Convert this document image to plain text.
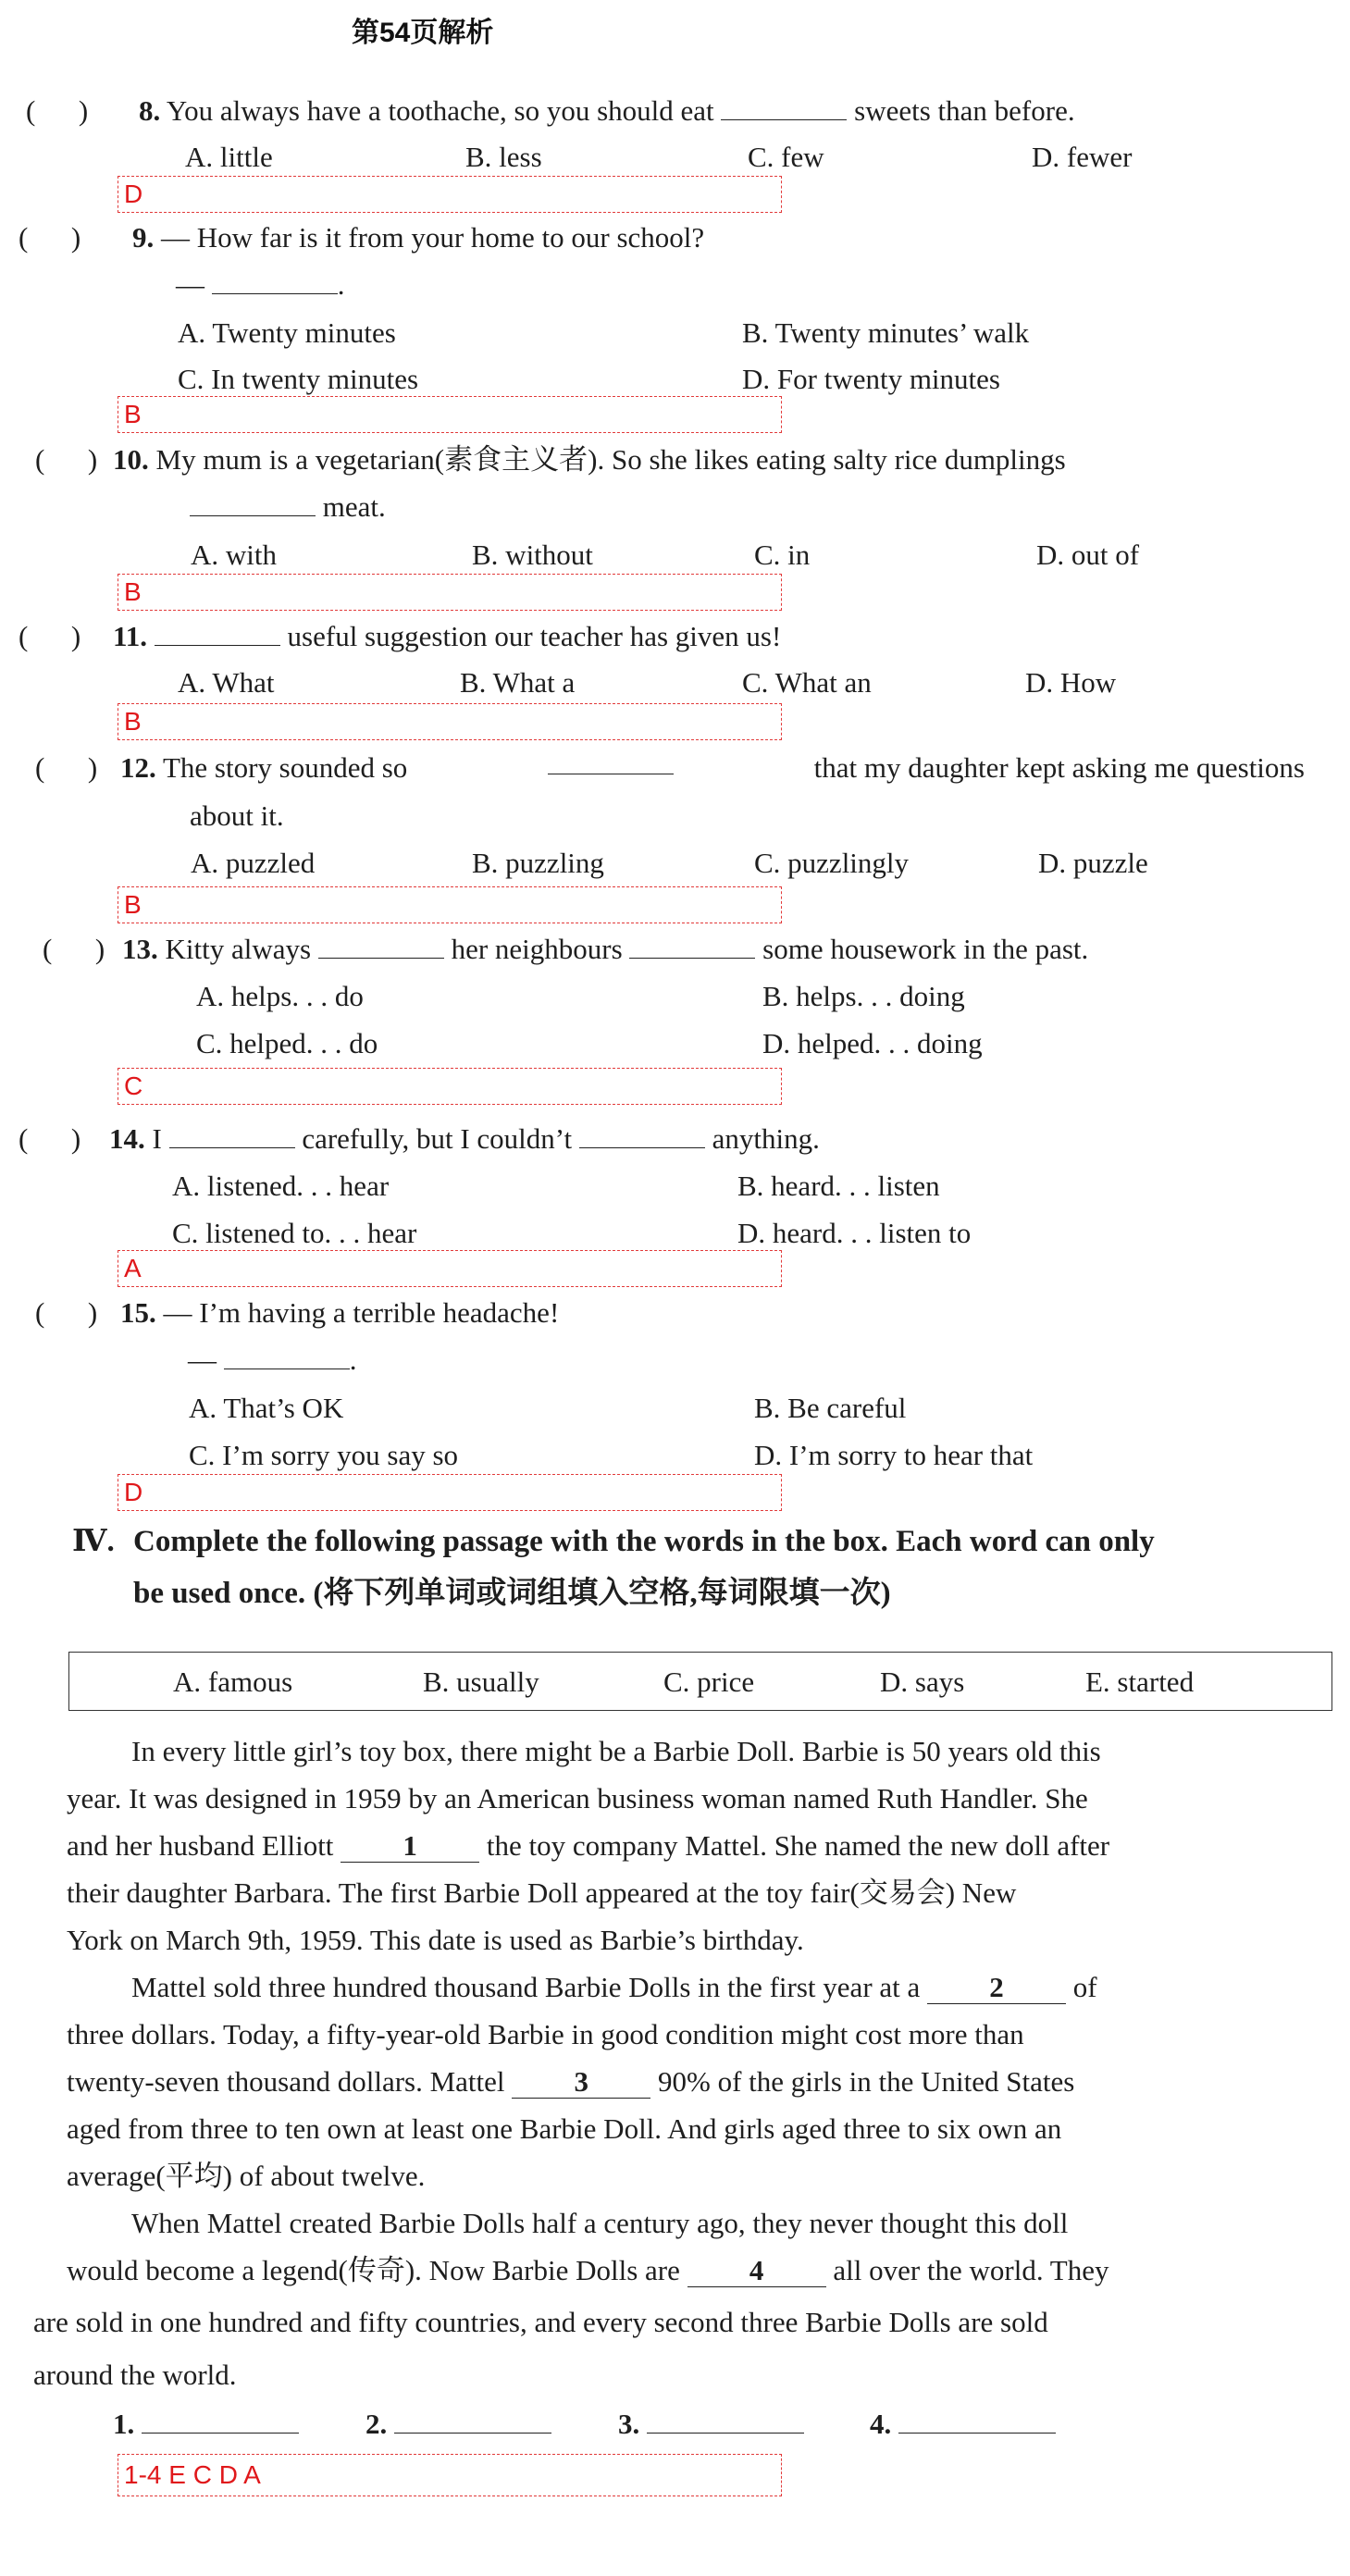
第54页解析
(      ) 8. You always have a toothache, so you should eat	sweets than before.
A. little	B. less	C. few	D. fewer
D
(      ) 9. — How far is it from your home to our school?
—	.
A. Twenty minutes	B. Twenty minutes’ walk
C. In twenty minutes	D. For twenty minutes
B
(      ) 10. My mum is a vegetarian(素食主义者). So she likes eating salty rice dumplings
meat.
A. with	B. without	C. in	D. out of
B
(      ) 11.	useful suggestion our teacher has given us!
A. What	B. What a	C. What an	D. How
B
(      ) 12. The story sounded so	that my daughter kept asking me questions
about it.
A. puzzled	B. puzzling	C. puzzlingly	D. puzzle
B
(      ) 13. Kitty always	her neighbours	some housework in the past.
A. helps. . . do	B. helps. . . doing
C. helped. . . do	D. helped. . . doing
C
(      ) 14. I	carefully, but I couldn’t	anything.
A. listened. . . hear	B. heard. . . listen
C. listened to. . . hear	D. heard. . . listen to
A
(      ) 15. — I’m having a terrible headache!
—	.
A. That’s OK	B. Be careful
C. I’m sorry you say so	D. I’m sorry to hear that
D
Ⅳ. Complete the following passage with the words in the box. Each word can only
be used once. (将下列单词或词组填入空格,每词限填一次)
A. famous	B. usually	C. price	D. says	E. started
In every little girl’s toy box, there might be a Barbie Doll. Barbie is 50 years old this
year. It was designed in 1959 by an American business woman named Ruth Handler. She
and her husband Elliott 1 the toy company Mattel. She named the new doll after
their daughter Barbara. The first Barbie Doll appeared at the toy fair(交易会) New
York on March 9th, 1959. This date is used as Barbie’s birthday.
Mattel sold three hundred thousand Barbie Dolls in the first year at a 2 of
three dollars. Today, a fifty-year-old Barbie in good condition might cost more than
twenty-seven thousand dollars. Mattel 3 90% of the girls in the United States
aged from three to ten own at least one Barbie Doll. And girls aged three to six own an
average(平均) of about twelve.
When Mattel created Barbie Dolls half a century ago, they never thought this doll
would become a legend(传奇). Now Barbie Dolls are 4 all over the world. They
are sold in one hundred and fifty countries, and every second three Barbie Dolls are sold
around the world.
1.	2.	3.	4.
1-4 E C D A
